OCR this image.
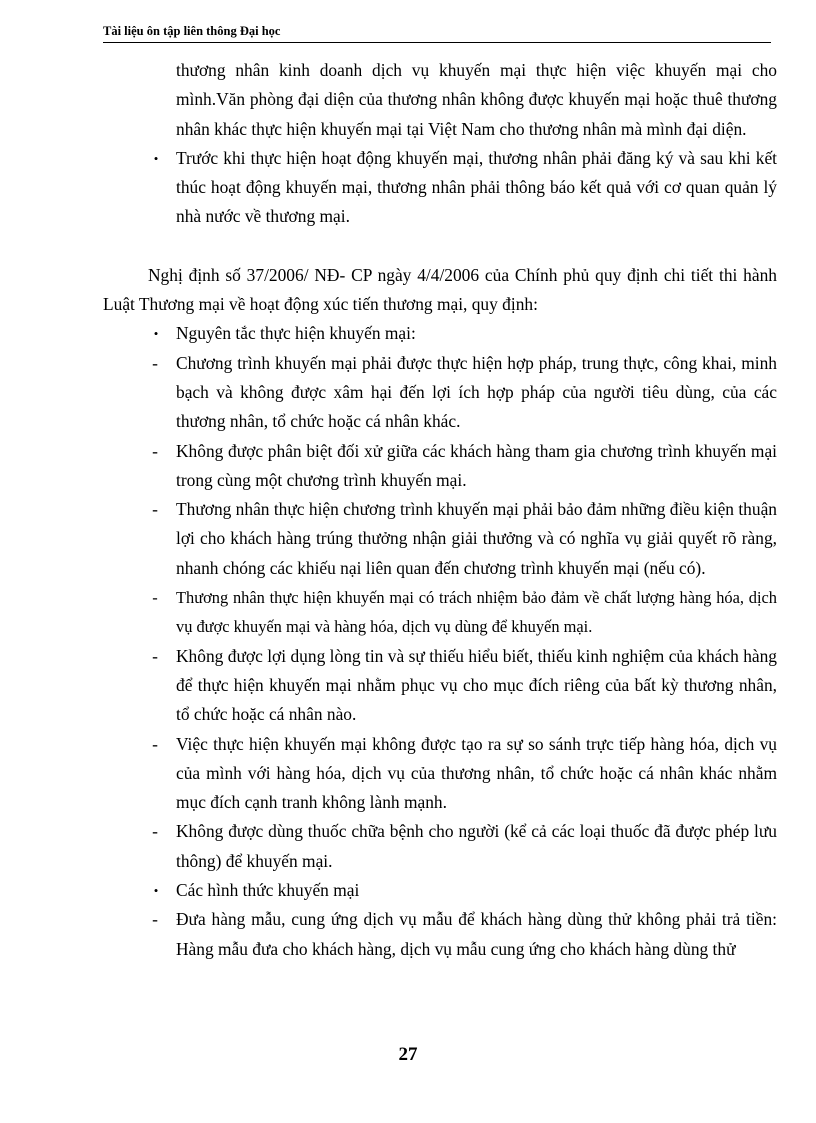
Tài liệu ôn tập liên thông Đại học
thương nhân kinh doanh dịch vụ khuyến mại thực hiện việc khuyến mại cho mình.Văn phòng đại diện của thương nhân không được khuyến mại hoặc thuê thương nhân khác thực hiện khuyến mại tại Việt Nam cho thương nhân mà mình đại diện.
•	Trước khi thực hiện hoạt động khuyến mại, thương nhân phải đăng ký và sau khi kết thúc hoạt động khuyến mại, thương nhân phải thông báo kết quả với cơ quan quản lý nhà nước về thương mại.
Nghị định số 37/2006/ NĐ- CP ngày 4/4/2006 của Chính phủ quy định chi tiết thi hành Luật Thương mại về hoạt động xúc tiến thương mại, quy định:
•	Nguyên tắc thực hiện khuyến mại:
- Chương trình khuyến mại phải được thực hiện hợp pháp, trung thực, công khai, minh bạch và không được xâm hại đến lợi ích hợp pháp của người tiêu dùng, của các thương nhân, tổ chức hoặc cá nhân khác.
- Không được phân biệt đối xử giữa các khách hàng tham gia chương trình khuyến mại trong cùng một chương trình khuyến mại.
- Thương nhân thực hiện chương trình khuyến mại phải bảo đảm những điều kiện thuận lợi cho khách hàng trúng thưởng nhận giải thưởng và có nghĩa vụ giải quyết rõ ràng, nhanh chóng các khiếu nại liên quan đến chương trình khuyến mại (nếu có).
-	Thương nhân thực hiện khuyến mại có trách nhiệm bảo đảm về chất lượng hàng hóa, dịch vụ được khuyến mại và hàng hóa, dịch vụ dùng để khuyến mại.
- Không được lợi dụng lòng tin và sự thiếu hiểu biết, thiếu kinh nghiệm của khách hàng để thực hiện khuyến mại nhằm phục vụ cho mục đích riêng của bất kỳ thương nhân, tổ chức hoặc cá nhân nào.
- Việc thực hiện khuyến mại không được tạo ra sự so sánh trực tiếp hàng hóa, dịch vụ của mình với hàng hóa, dịch vụ của thương nhân, tổ chức hoặc cá nhân khác nhằm mục đích cạnh tranh không lành mạnh.
- Không được dùng thuốc chữa bệnh cho người (kể cả các loại thuốc đã được phép lưu thông) để khuyến mại.
•	Các hình thức khuyến mại
- Đưa hàng mẫu, cung ứng dịch vụ mẫu để khách hàng dùng thử không phải trả tiền: Hàng mẫu đưa cho khách hàng, dịch vụ mẫu cung ứng cho khách hàng dùng thử
27
